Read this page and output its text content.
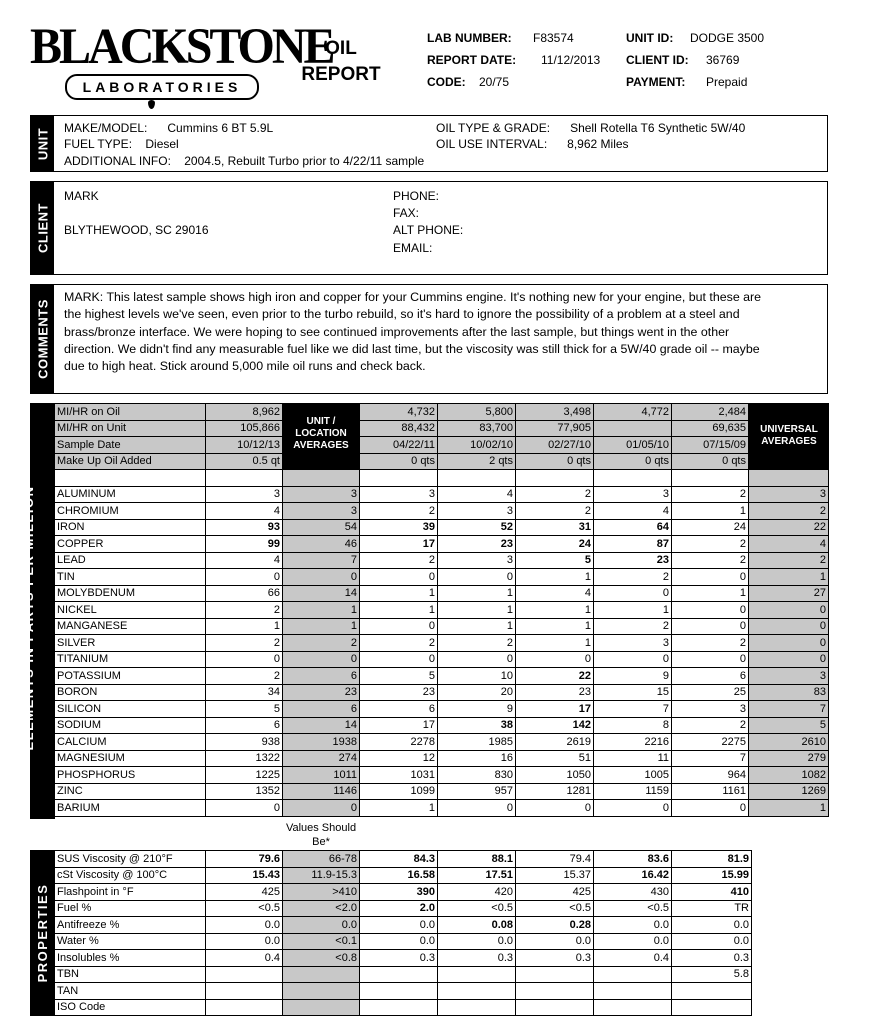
BLACKSTONE
LABORATORIES
OIL
REPORT
LAB NUMBER: F83574
REPORT DATE: 11/12/2013
CODE: 20/75
UNIT ID: DODGE 3500
CLIENT ID: 36769
PAYMENT: Prepaid
UNIT MAKE/MODEL: Cummins 6 BT 5.9L
FUEL TYPE: Diesel
ADDITIONAL INFO: 2004.5, Rebuilt Turbo prior to 4/22/11 sample
OIL TYPE & GRADE: Shell Rotella T6 Synthetic 5W/40
OIL USE INTERVAL: 8,962 Miles
CLIENT
MARK
BLYTHEWOOD, SC 29016
PHONE:
FAX:
ALT PHONE:
EMAIL:
COMMENTS
MARK: This latest sample shows high iron and copper for your Cummins engine. It's nothing new for your engine, but these are the highest levels we've seen, even prior to the turbo rebuild, so it's hard to ignore the possibility of a problem at a steel and brass/bronze interface. We were hoping to see continued improvements after the last sample, but things went in the other direction. We didn't find any measurable fuel like we did last time, but the viscosity was still thick for a 5W/40 grade oil -- maybe due to high heat. Stick around 5,000 mile oil runs and check back.
ELEMENTS IN PARTS PER MILLION
MI/HR on Oil	8,962		4,732	5,800	3,498	4,772	2,484	
MI/HR on Unit	105,866		88,432	83,700	77,905		69,635	
Sample Date	10/12/13		04/22/11	10/02/10	02/27/10	01/05/10	07/15/09	
Make Up Oil Added	0.5 qt		0 qts	2 qts	0 qts	0 qts	0 qts	

ALUMINUM	3	3	3	4	2	3	2	3
CHROMIUM	4	3	2	3	2	4	1	2
IRON	93	54	39	52	31	64	24	22
COPPER	99	46	17	23	24	87	2	4
LEAD	4	7	2	3	5	23	2	2
TIN	0	0	0	0	1	2	0	1
MOLYBDENUM	66	14	1	1	4	0	1	27
NICKEL	2	1	1	1	1	1	0	0
MANGANESE	1	1	0	1	1	2	0	0
SILVER	2	2	2	2	1	3	2	0
TITANIUM	0	0	0	0	0	0	0	0
POTASSIUM	2	6	5	10	22	9	6	3
BORON	34	23	23	20	23	15	25	83
SILICON	5	6	6	9	17	7	3	7
SODIUM	6	14	17	38	142	8	2	5
CALCIUM	938	1938	2278	1985	2619	2216	2275	2610
MAGNESIUM	1322	274	12	16	51	11	7	279
PHOSPHORUS	1225	1011	1031	830	1050	1005	964	1082
ZINC	1352	1146	1099	957	1281	1159	1161	1269
BARIUM	0	0	1	0	0	0	0	1
UNIT / LOCATION AVERAGES
UNIVERSAL AVERAGES
Values Should Be*
PROPERTIES
SUS Viscosity @ 210°F	79.6	66-78	84.3	88.1	79.4	83.6	81.9
cSt Viscosity @ 100°C	15.43	11.9-15.3	16.58	17.51	15.37	16.42	15.99
Flashpoint in °F	425	>410	390	420	425	430	410
Fuel %	<0.5	<2.0	2.0	<0.5	<0.5	<0.5	TR
Antifreeze %	0.0	0.0	0.0	0.08	0.28	0.0	0.0
Water %	0.0	<0.1	0.0	0.0	0.0	0.0	0.0
Insolubles %	0.4	<0.8	0.3	0.3	0.3	0.4	0.3
TBN							5.8
TAN							
ISO Code							
